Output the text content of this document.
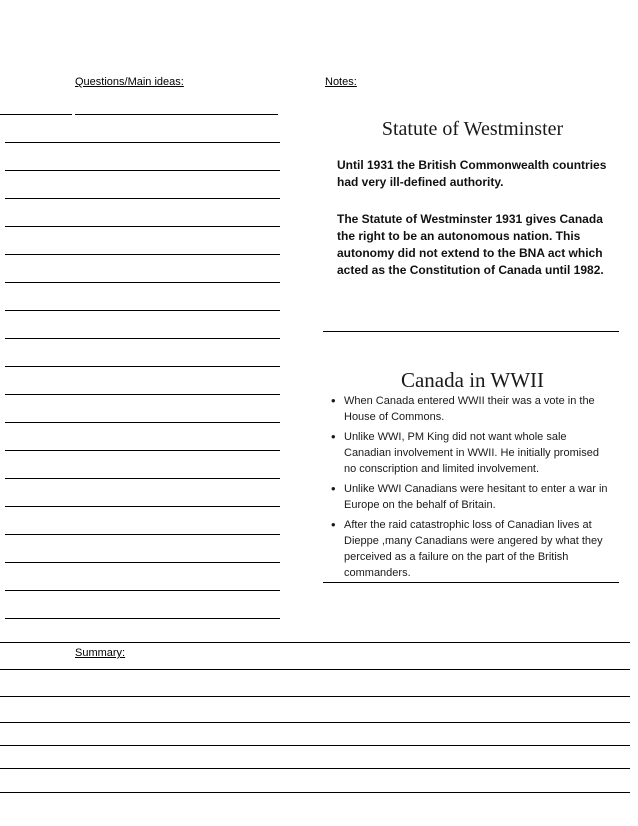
Questions/Main ideas:	Notes:
Statute of Westminster
Until 1931 the British Commonwealth countries had very ill-defined authority.
The Statute of Westminster 1931 gives Canada the right to be an autonomous nation. This autonomy did not extend to the BNA act which acted as the Constitution of Canada until 1982.
Canada in WWII
• When Canada entered WWII their was a vote in the House of Commons.
• Unlike WWI, PM King did not want whole sale Canadian involvement in WWII. He initially promised no conscription and limited involvement.
• Unlike WWI Canadians were hesitant to enter a war in Europe on the behalf of Britain.
• After the raid catastrophic loss of Canadian lives at Dieppe ,many Canadians were angered by what they perceived as a failure on the part of the British commanders.
Summary:
